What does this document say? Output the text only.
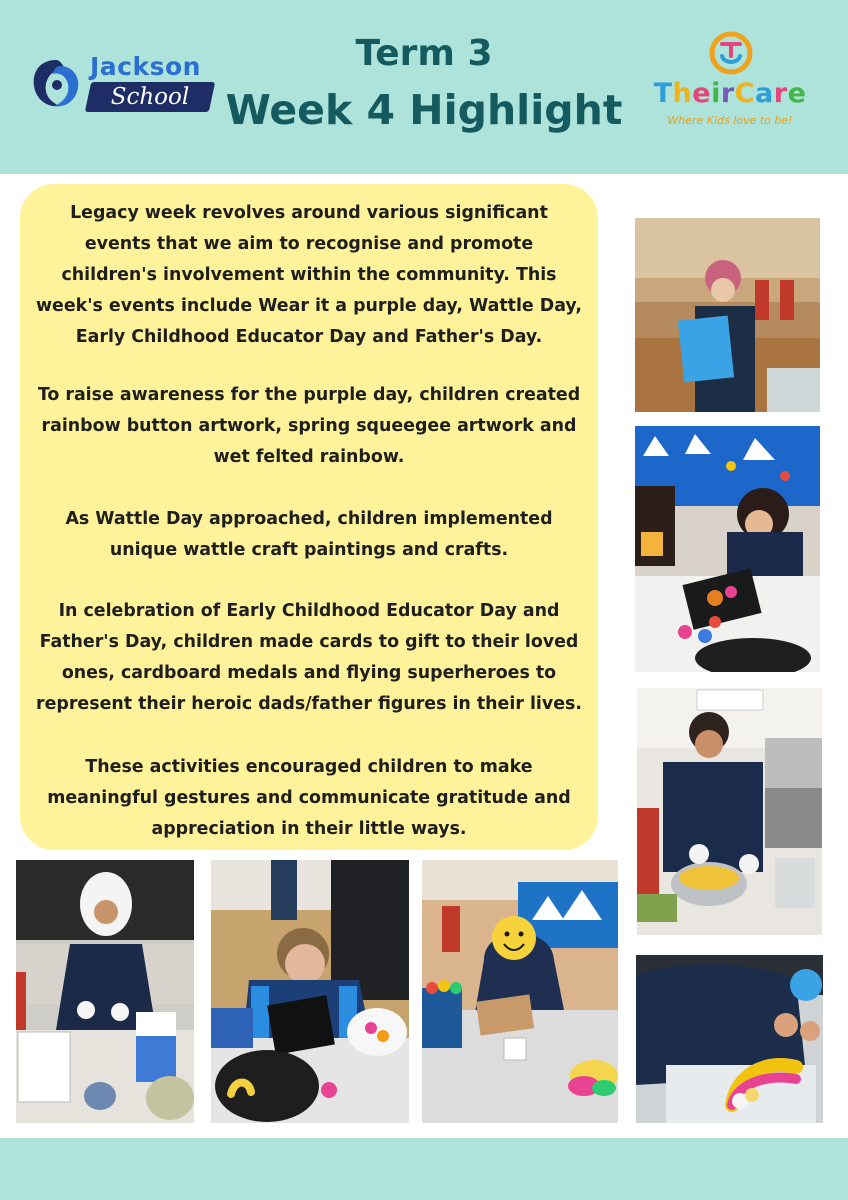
Jackson
School
Term 3
Week 4 Highlight	TheirCare
Where Kids love to be!
Legacy week revolves around various significant
events that we aim to recognise and promote
children's involvement within the community. This
week's events include Wear it a purple day, Wattle Day,
Early Childhood Educator Day and Father's Day.
To raise awareness for the purple day, children created
rainbow button artwork, spring squeegee artwork and
wet felted rainbow.
As Wattle Day approached, children implemented
unique wattle craft paintings and crafts.
In celebration of Early Childhood Educator Day and
Father's Day, children made cards to gift to their loved
ones, cardboard medals and flying superheroes to
represent their heroic dads/father figures in their lives.
These activities encouraged children to make
meaningful gestures and communicate gratitude and
appreciation in their little ways.
